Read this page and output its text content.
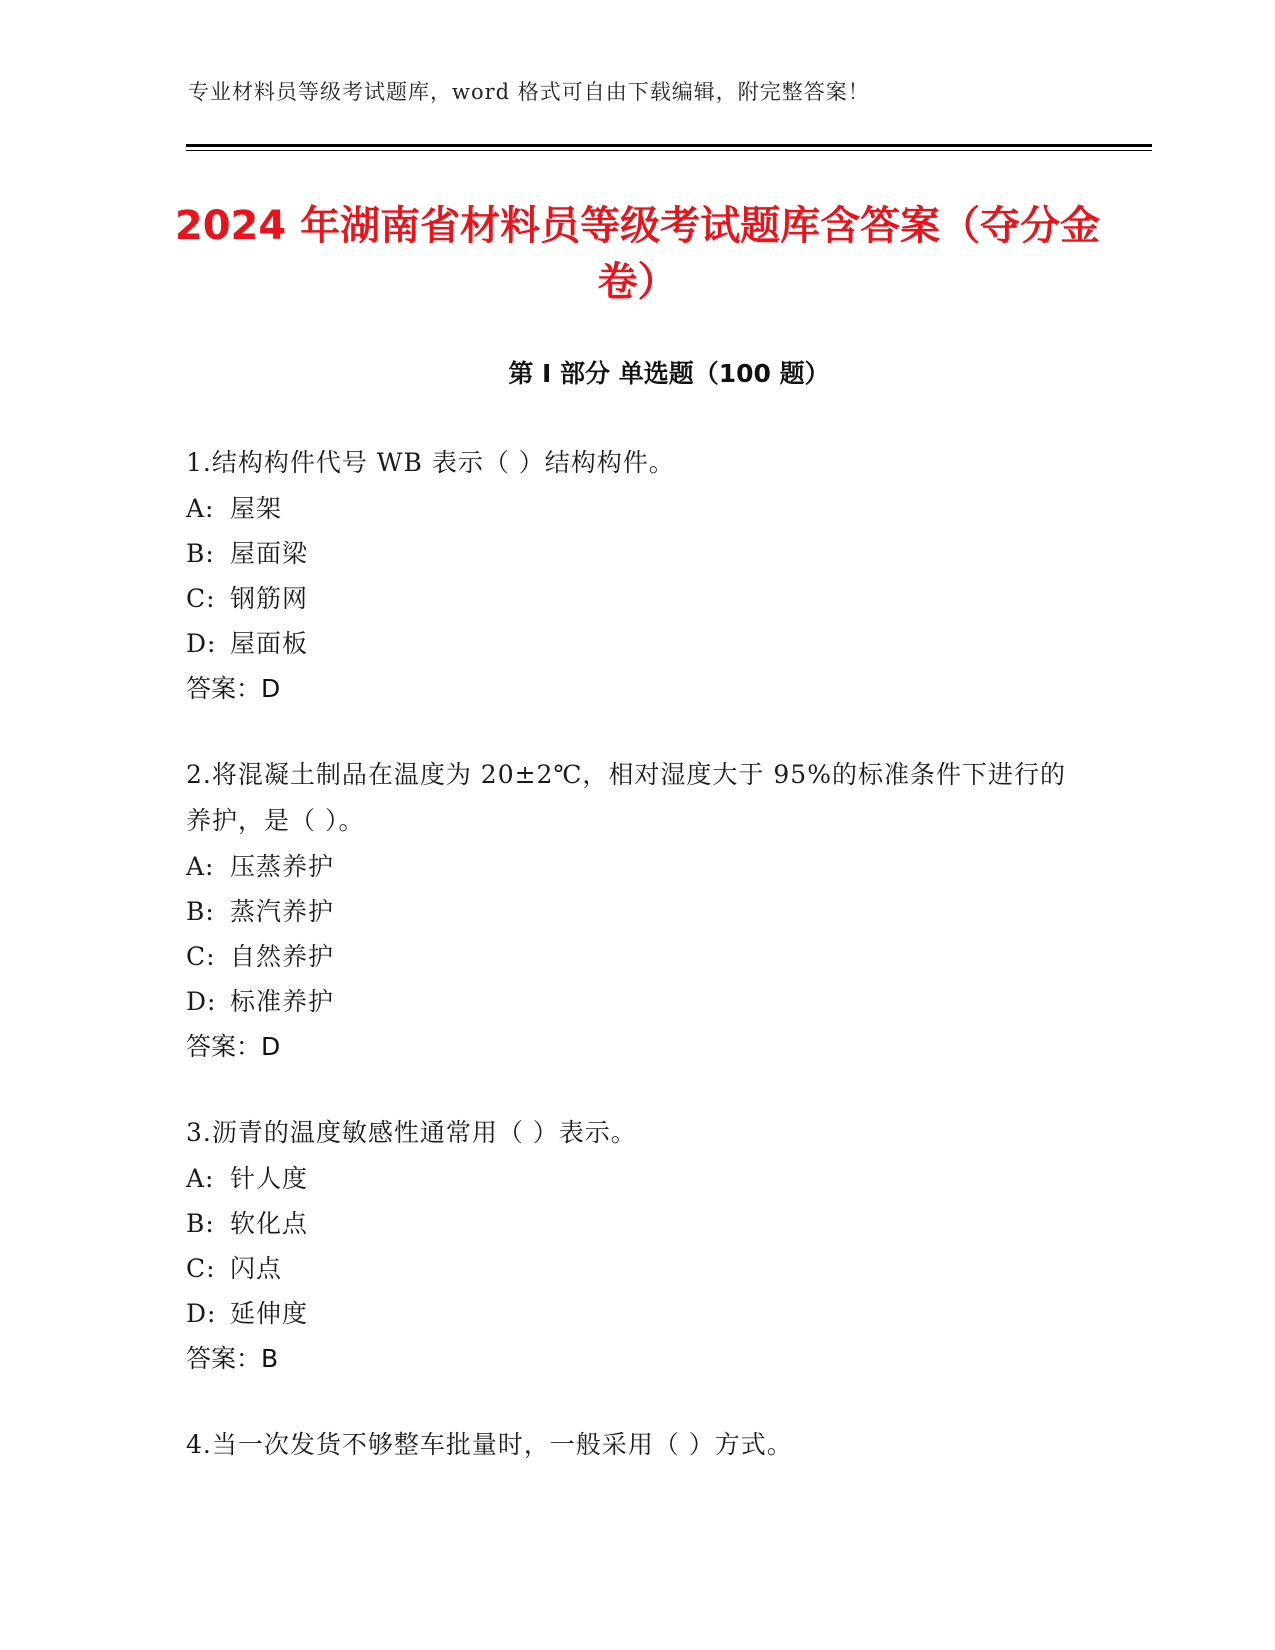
专业材料员等级考试题库，word 格式可自由下载编辑，附完整答案！
2024 年湖南省材料员等级考试题库含答案（夺分金卷）
第 I 部分 单选题（100 题）
1.结构构件代号 WB 表示（ ）结构构件。
A: 屋架
B: 屋面梁
C: 钢筋网
D: 屋面板
答案：D
2.将混凝土制品在温度为 20±2℃，相对湿度大于 95%的标准条件下进行的养护，是（ ）。
A: 压蒸养护
B: 蒸汽养护
C: 自然养护
D: 标准养护
答案：D
3.沥青的温度敏感性通常用（ ）表示。
A: 针人度
B: 软化点
C: 闪点
D: 延伸度
答案：B
4.当一次发货不够整车批量时，一般采用（ ）方式。
